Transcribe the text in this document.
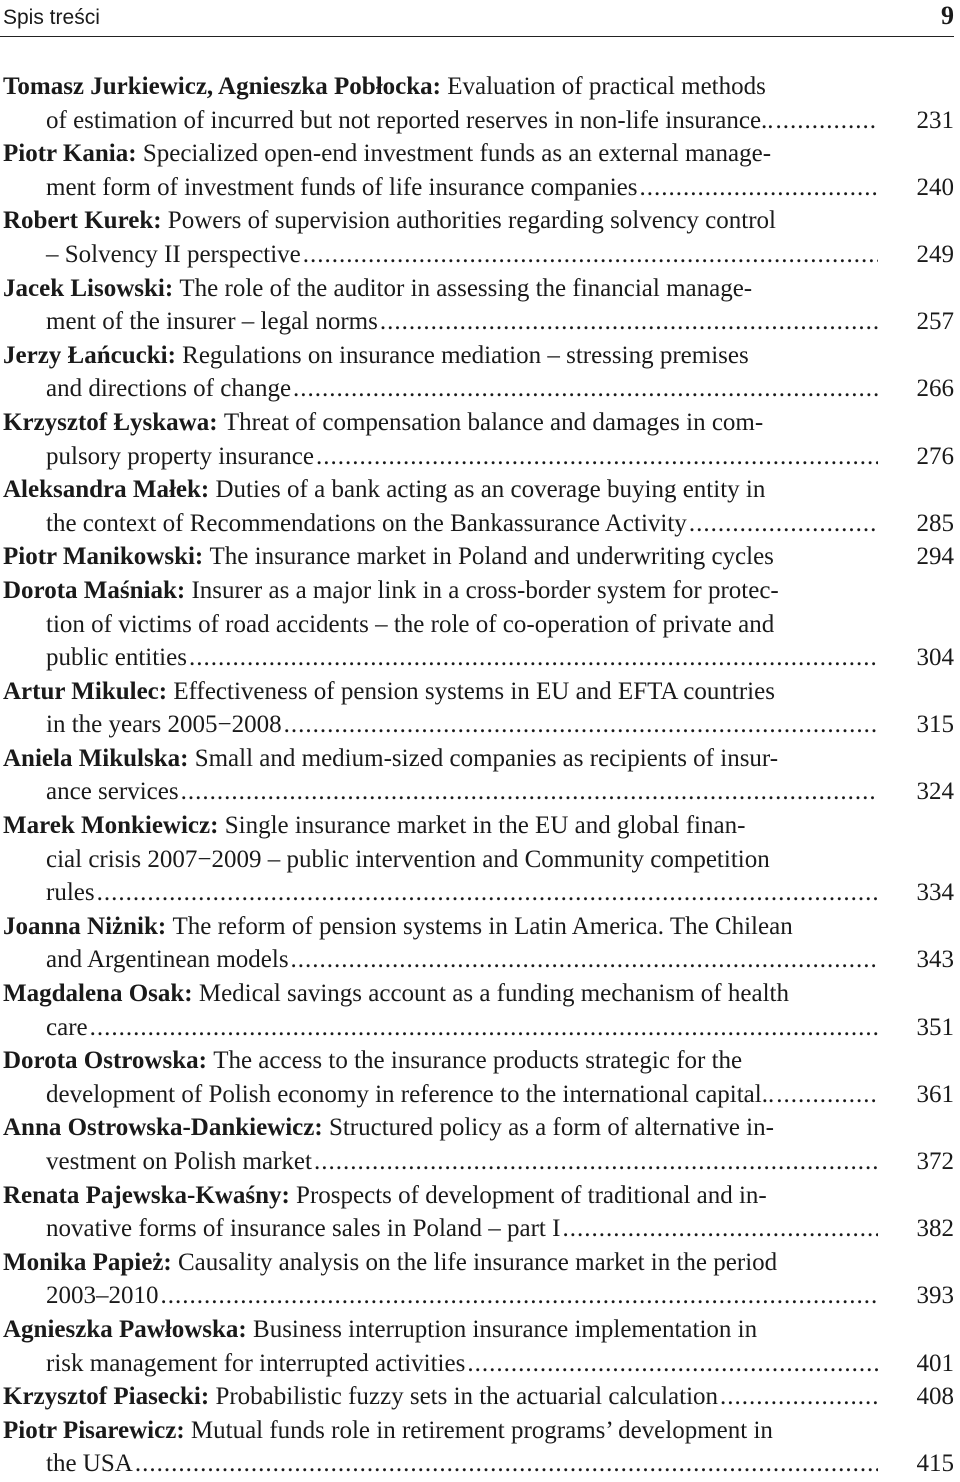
Spis treści	9
Tomasz Jurkiewicz, Agnieszka Pobłocka:
Evaluation of practical methods
of estimation of incurred but not reported reserves in non-life insurance.. .....	231
Piotr Kania:
Specialized open-end investment funds as an external manage-
ment form of investment funds of life insurance companies .....	240
Robert Kurek:
Powers of supervision authorities regarding solvency control
– Solvency II perspective .....	249
Jacek Lisowski:
The role of the auditor in assessing the financial manage-
ment of the insurer – legal norms .....	257
Jerzy Łańcucki:
Regulations on insurance mediation – stressing premises
and directions of change .....	266
Krzysztof Łyskawa:
Threat of compensation balance and damages in com-
pulsory property insurance .....	276
Aleksandra Małek:
Duties of a bank acting as an coverage buying entity in
the context of Recommendations on the Bankassurance Activity .....	285
Piotr Manikowski:
The insurance market in Poland and underwriting cycles	294
Dorota Maśniak:
Insurer as a major link in a cross-border system for protec-
tion of victims of road accidents – the role of co-operation of private and
public entities .....	304
Artur Mikulec:
Effectiveness of pension systems in EU and EFTA countries
in the years 2005−2008 .....	315
Aniela Mikulska:
Small and medium-sized companies as recipients of insur-
ance services .....	324
Marek Monkiewicz:
Single insurance market in the EU and global finan-
cial crisis 2007−2009 – public intervention and Community competition
rules .....	334
Joanna Niżnik:
The reform of pension systems in Latin America. The Chilean
and Argentinean models .....	343
Magdalena Osak:
Medical savings account as a funding mechanism of health
care .....	351
Dorota Ostrowska:
The access to the insurance products strategic for the
development of Polish economy in reference to the international capital.. .....	361
Anna Ostrowska-Dankiewicz:
Structured policy as a form of alternative in-
vestment on Polish market .....	372
Renata Pajewska-Kwaśny:
Prospects of development of traditional and in-
novative forms of insurance sales in Poland – part I .....	382
Monika Papież:
Causality analysis on the life insurance market in the period
2003–2010 .....	393
Agnieszka Pawłowska:
Business interruption insurance implementation in
risk management for interrupted activities .....	401
Krzysztof Piasecki:
Probabilistic fuzzy sets in the actuarial calculation .....	408
Piotr Pisarewicz:
Mutual funds role in retirement programs’ development in
the USA .....	415
